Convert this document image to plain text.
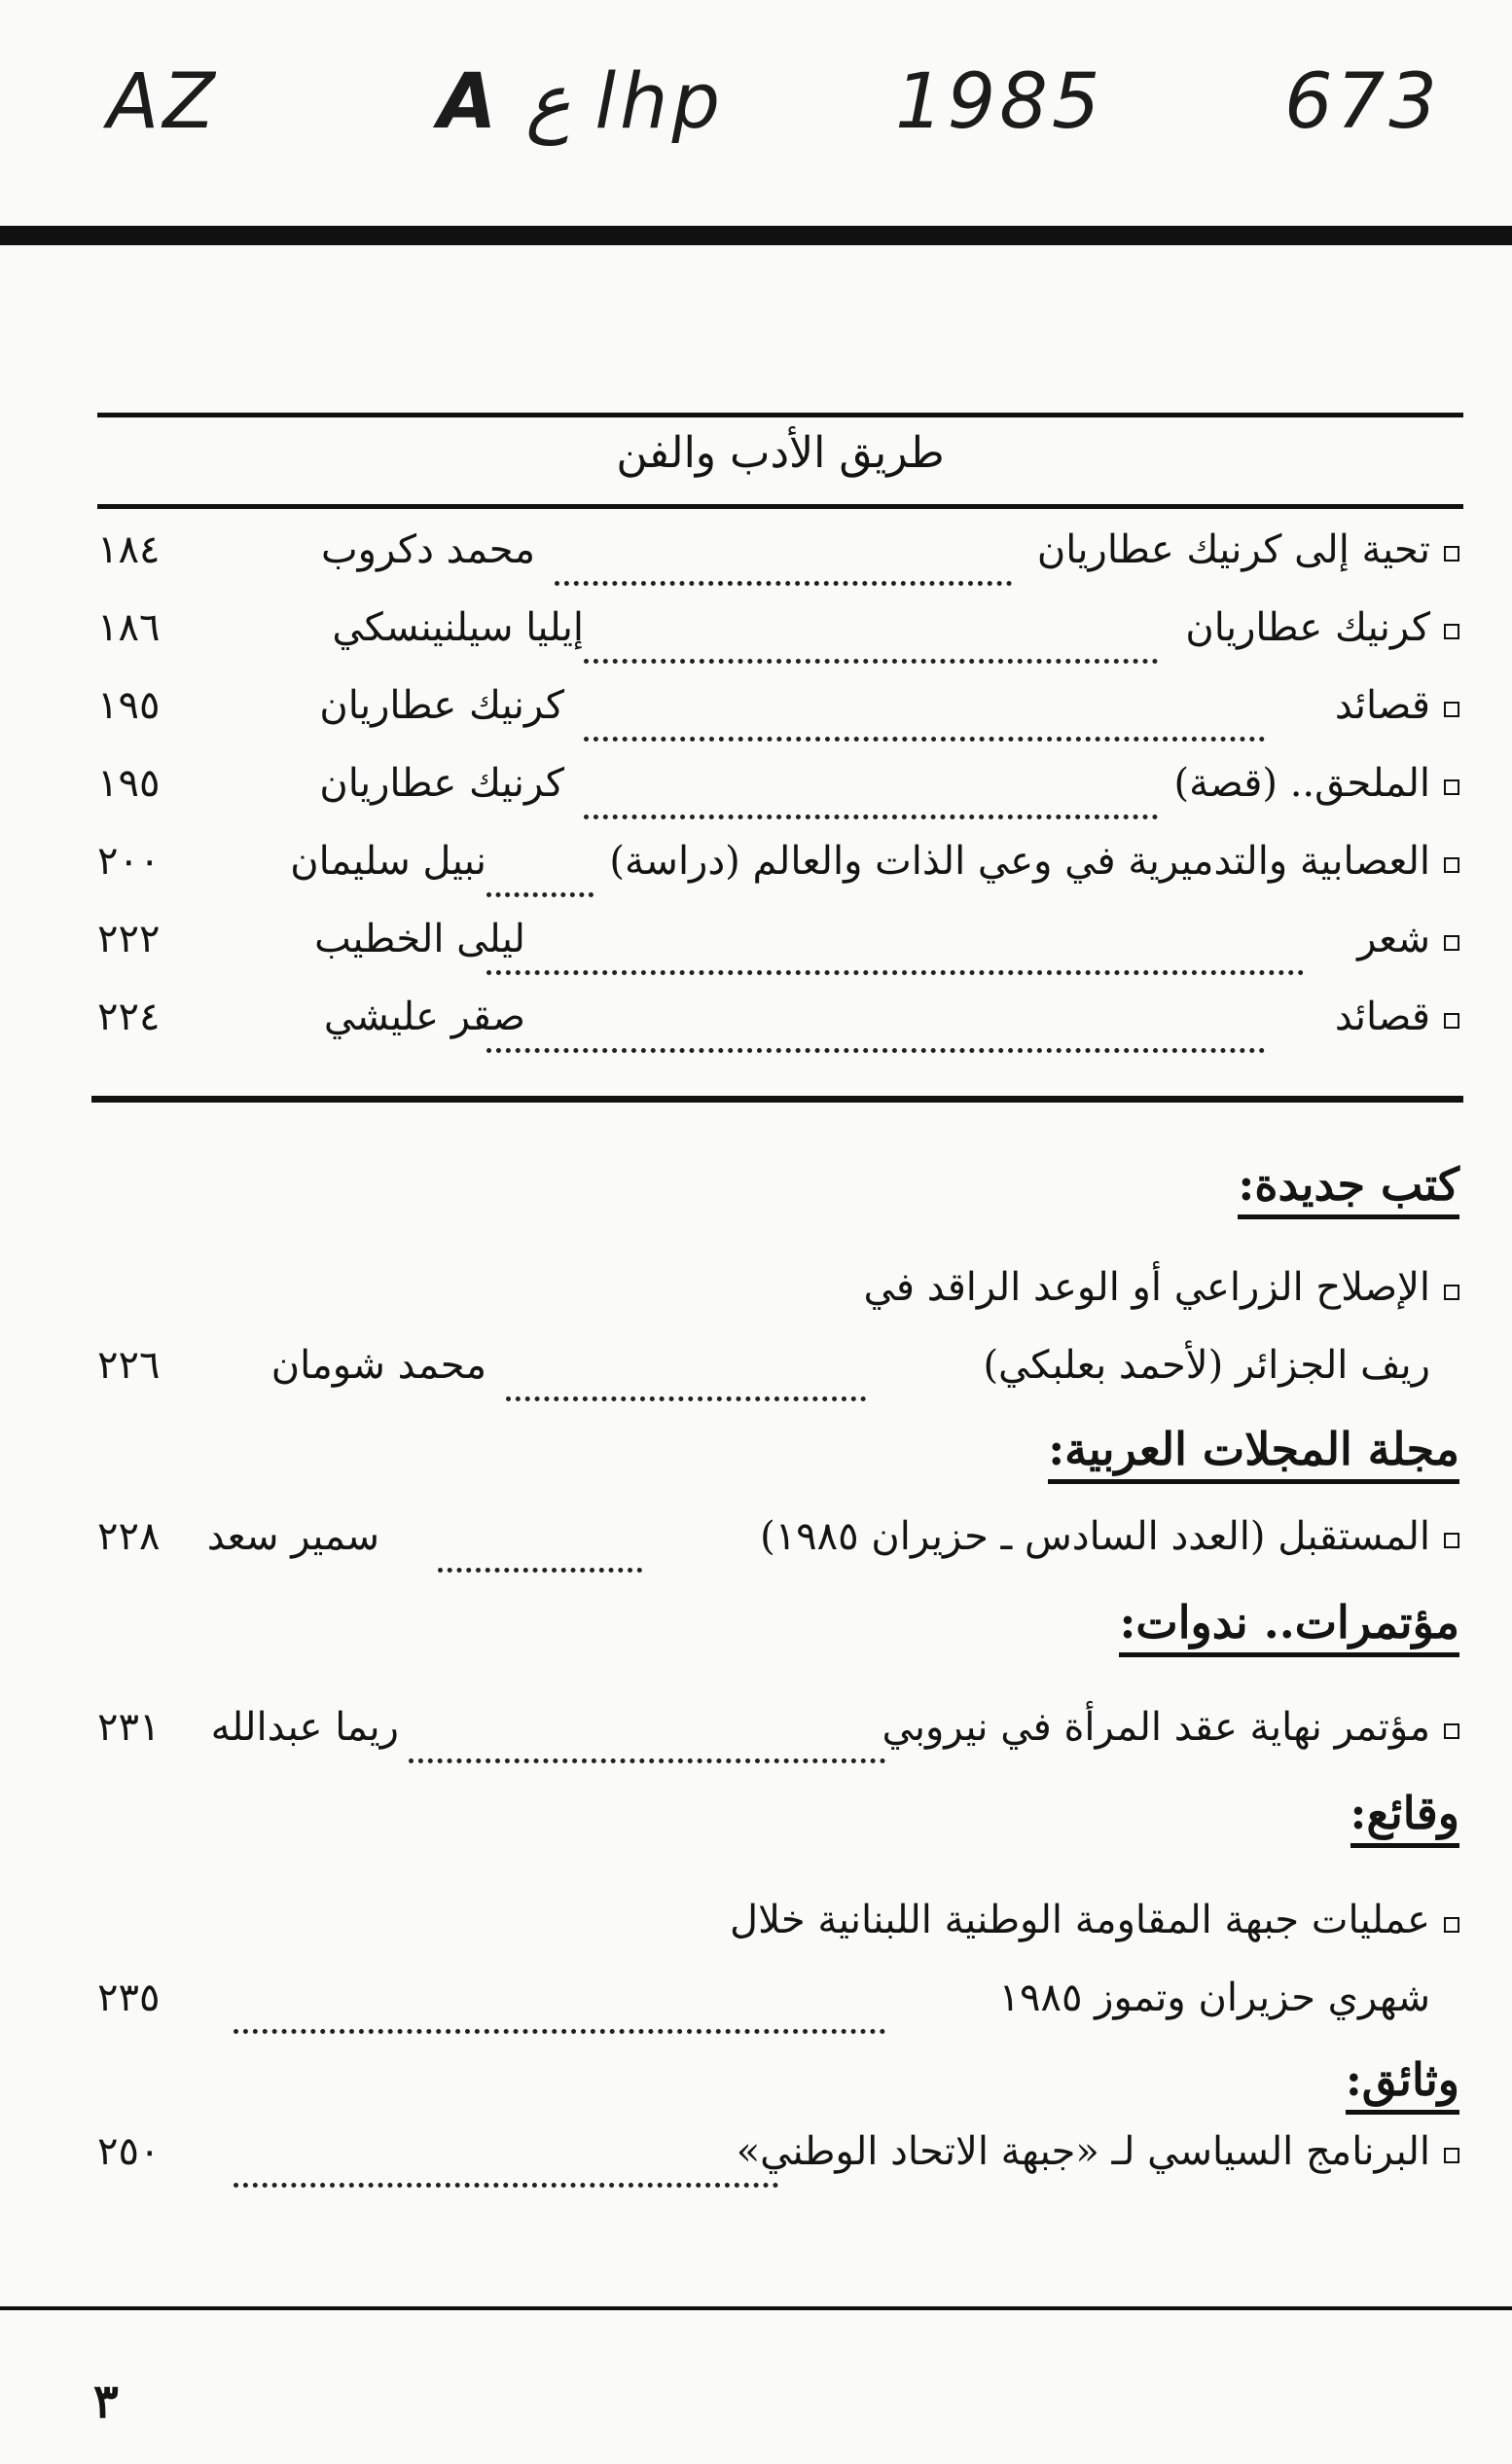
AZ	A ع lhp 1985 673
طريق الأدب والفن
تحية إلى كرنيك عطاريان
محمد دكروب
١٨٤
كرنيك عطاريان
إيليا سيلنينسكي
١٨٦
قصائد
كرنيك عطاريان
١٩٥
الملحق.. (قصة)
كرنيك عطاريان
١٩٥
العصابية والتدميرية في وعي الذات والعالم (دراسة)
نبيل سليمان
٢٠٠
شعر
ليلى الخطيب
٢٢٢
قصائد
صقر عليشي
٢٢٤
كتب جديدة:
الإصلاح الزراعي أو الوعد الراقد في
ريف الجزائر (لأحمد بعلبكي)
محمد شومان
٢٢٦
مجلة المجلات العربية:
المستقبل (العدد السادس ـ حزيران ١٩٨٥)
سمير سعد
٢٢٨
مؤتمرات.. ندوات:
مؤتمر نهاية عقد المرأة في نيروبي
ريما عبدالله
٢٣١
وقائع:
عمليات جبهة المقاومة الوطنية اللبنانية خلال
شهري حزيران وتموز ١٩٨٥
٢٣٥
وثائق:
البرنامج السياسي لـ «جبهة الاتحاد الوطني»
٢٥٠
٣
